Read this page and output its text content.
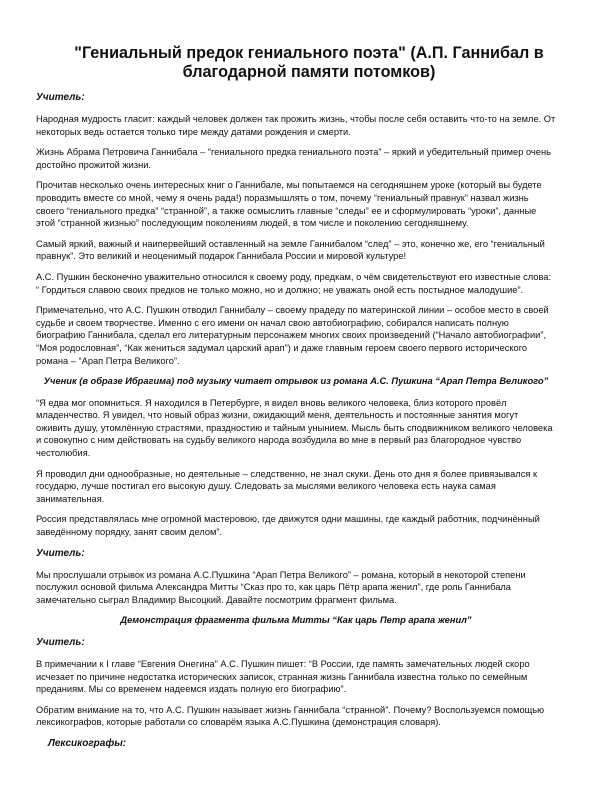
"Гениальный предок гениального поэта" (А.П. Ганнибал в благодарной памяти потомков)
Учитель:

Народная мудрость гласит: каждый человек должен так прожить жизнь, чтобы после себя оставить что-то на земле. От некоторых ведь остается только тире между датами рождения и смерти.

Жизнь Абрама Петровича Ганнибала – “гениального предка гениального поэта” – яркий и убедительный пример очень достойно прожитой жизни.

Прочитав несколько очень интересных книг о Ганнибале, мы попытаемся на сегодняшнем уроке (который вы будете проводить вместе со мной, чему я очень рада!) поразмышлять о том, почему “гениальный правнук” назвал жизнь своего “гениального предка” “странной”, а также осмыслить главные “следы” ее и сформулировать “уроки”, данные этой “странной жизнью” последующим поколениям людей, в том числе и поколению сегодняшнему.

Самый яркий, важный и наипервейший оставленный на земле Ганнибалом “след” – это, конечно же, его “гениальный правнук”. Это великий и неоценимый подарок Ганнибала России и мировой культуре!

А.С. Пушкин бесконечно уважительно относился к своему роду, предкам, о чём свидетельствуют его известные слова: “ Гордиться славою своих предков не только можно, но и должно; не уважать оной есть постыдное малодушие”.

Примечательно, что А.С. Пушкин отводил Ганнибалу – своему прадеду по материнской линии – особое место в своей судьбе и своем творчестве. Именно с его имени он начал свою автобиографию, собирался написать полную биографию Ганнибала, сделал его литературным персонажем многих своих произведений (“Начало автобиографии”, “Моя родословная”, “Как жениться задумал царский арап”) и даже главным героем своего первого исторического романа – “Арап Петра Великого”.

Ученик (в образе Ибрагима) под музыку читает отрывок из романа А.С. Пушкина “Арап Петра Великого”

“Я едва мог опомниться. Я находился в Петербурге, я видел вновь великого человека, близ которого провёл младенчество. Я увидел, что новый образ жизни, ожидающий меня, деятельность и постоянные занятия могут оживить душу, утомлённую страстями, праздностию и тайным унынием. Мысль быть сподвижником великого человека и совокупно с ним действовать на судьбу великого народа возбудила во мне в первый раз благородное чувство честолюбия.

Я проводил дни однообразные, но деятельные – следственно, не знал скуки. День ото дня я более привязывался к государю, лучше постигал его высокую душу. Следовать за мыслями великого человека есть наука самая занимательная.

Россия представлялась мне огромной мастеровою, где движутся одни машины, где каждый работник, подчинённый заведённому порядку, занят своим делом”.

Учитель:

Мы прослушали отрывок из романа А.С.Пушкина “Арап Петра Великого” – романа, который в некоторой степени послужил основой фильма Александра Митты “Сказ про то, как царь Пётр арапа женил”, где роль Ганнибала замечательно сыграл Владимир Высоцкий. Давайте посмотрим фрагмент фильма.

Демонстрация фрагмента фильма Митты “Как царь Петр арапа женил”
Учитель:

В примечании к I главе “Евгения Онегина” А.С. Пушкин пишет: “В России, где память замечательных людей скоро исчезает по причине недостатка исторических записок, странная жизнь Ганнибала известна только по семейным преданиям. Мы со временем надеемся издать полную его биографию”.

Обратим внимание на то, что А.С. Пушкин называет жизнь Ганнибала “странной”. Почему? Воспользуемся помощью лексикографов, которые работали со словарём языка А.С.Пушкина (демонстрация словаря).

Лексикографы:
